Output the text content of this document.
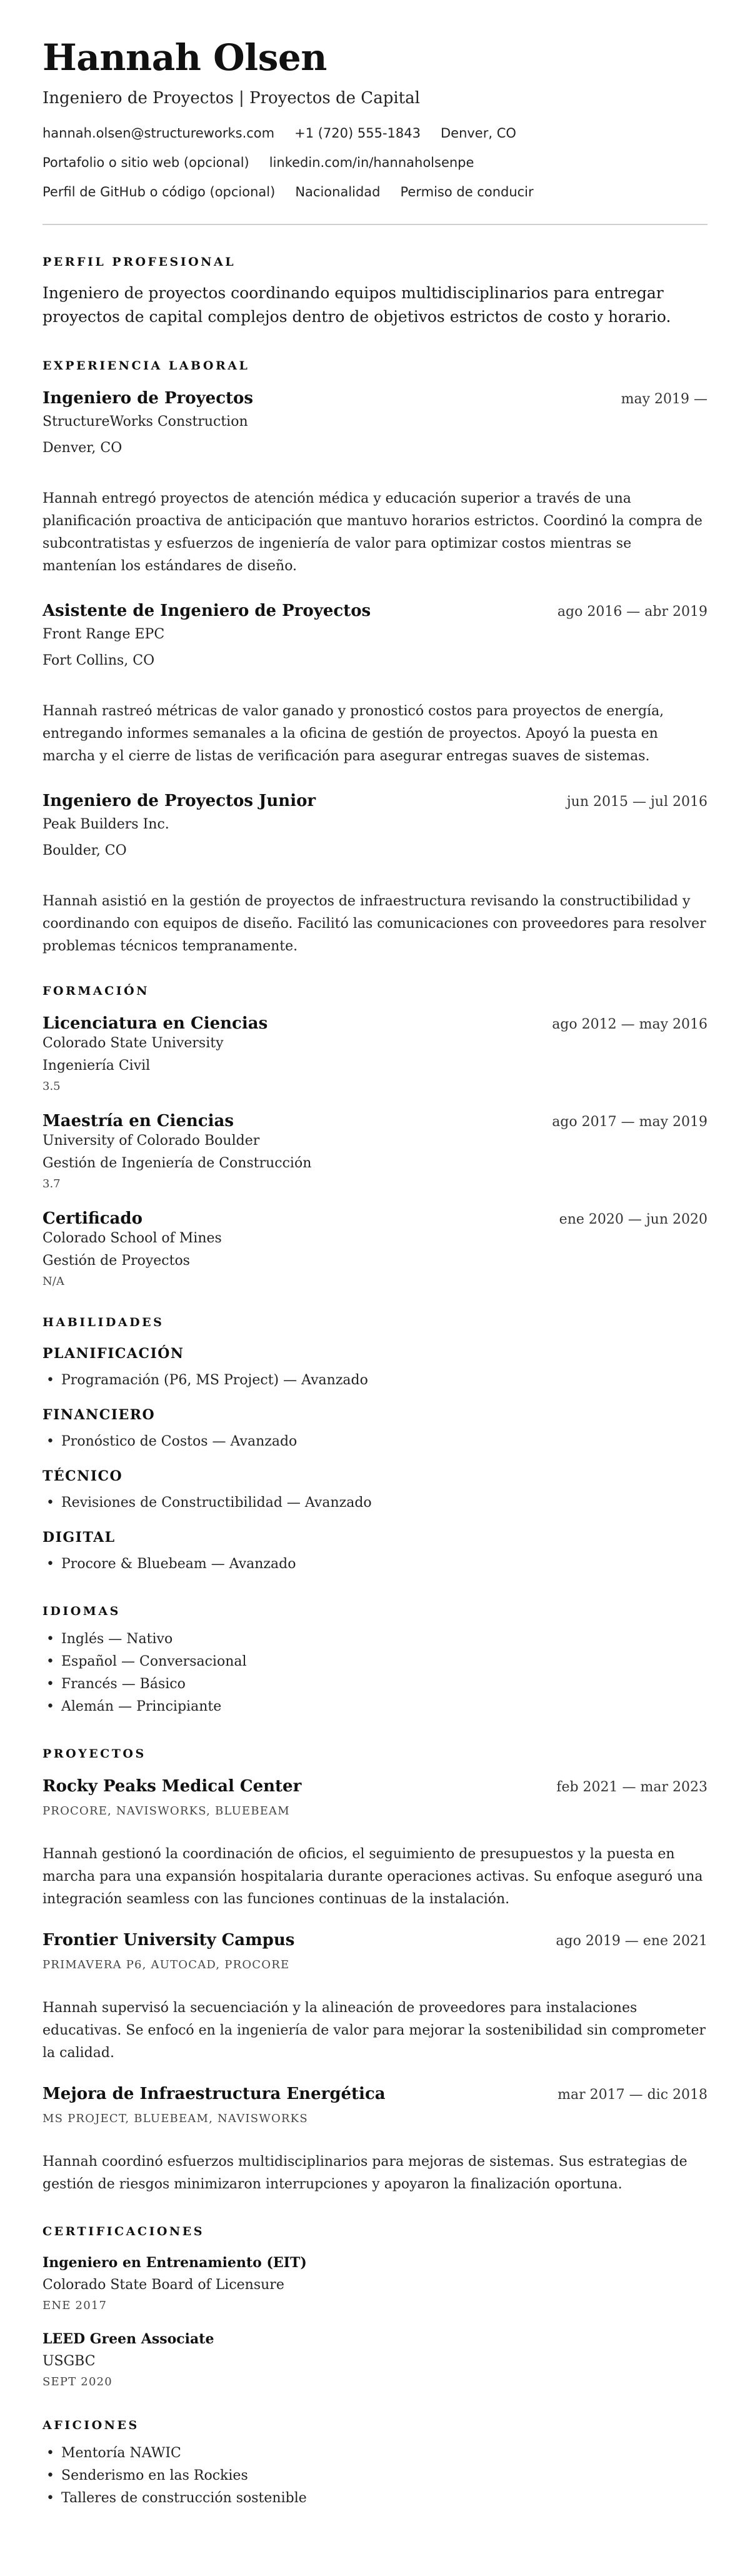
Hannah Olsen
Ingeniero de Proyectos | Proyectos de Capital
hannah.olsen@structureworks.com +1 (720) 555-1843 Denver, CO
Portafolio o sitio web (opcional) linkedin.com/in/hannaholsenpe
Perfil de GitHub o código (opcional) Nacionalidad Permiso de conducir
PERFIL PROFESIONAL

Ingeniero de proyectos coordinando equipos multidisciplinarios para entregar proyectos de capital complejos dentro de objetivos estrictos de costo y horario.

EXPERIENCIA LABORAL
Ingeniero de Proyectos	may 2019 —
StructureWorks Construction
Denver, CO

Hannah entregó proyectos de atención médica y educación superior a través de una planificación proactiva de anticipación que mantuvo horarios estrictos. Coordinó la compra de subcontratistas y esfuerzos de ingeniería de valor para optimizar costos mientras se mantenían los estándares de diseño.

Asistente de Ingeniero de Proyectos	ago 2016 — abr 2019
Front Range EPC
Fort Collins, CO

Hannah rastreó métricas de valor ganado y pronosticó costos para proyectos de energía, entregando informes semanales a la oficina de gestión de proyectos. Apoyó la puesta en marcha y el cierre de listas de verificación para asegurar entregas suaves de sistemas.

Ingeniero de Proyectos Junior	jun 2015 — jul 2016
Peak Builders Inc.
Boulder, CO

Hannah asistió en la gestión de proyectos de infraestructura revisando la constructibilidad y coordinando con equipos de diseño. Facilitó las comunicaciones con proveedores para resolver problemas técnicos tempranamente.

FORMACIÓN
Licenciatura en Ciencias	ago 2012 — may 2016
Colorado State University
Ingeniería Civil
3.5
Maestría en Ciencias	ago 2017 — may 2019
University of Colorado Boulder
Gestión de Ingeniería de Construcción
3.7
Certificado	ene 2020 — jun 2020
Colorado School of Mines
Gestión de Proyectos
N/A
HABILIDADES
PLANIFICACIÓN
• Programación (P6, MS Project) — Avanzado
FINANCIERO
• Pronóstico de Costos — Avanzado
TÉCNICO
• Revisiones de Constructibilidad — Avanzado
DIGITAL
• Procore & Bluebeam — Avanzado
IDIOMAS
• Inglés — Nativo
• Español — Conversacional
• Francés — Básico
• Alemán — Principiante
PROYECTOS
Rocky Peaks Medical Center	feb 2021 — mar 2023
PROCORE, NAVISWORKS, BLUEBEAM

Hannah gestionó la coordinación de oficios, el seguimiento de presupuestos y la puesta en marcha para una expansión hospitalaria durante operaciones activas. Su enfoque aseguró una integración seamless con las funciones continuas de la instalación.

Frontier University Campus	ago 2019 — ene 2021
PRIMAVERA P6, AUTOCAD, PROCORE

Hannah supervisó la secuenciación y la alineación de proveedores para instalaciones educativas. Se enfocó en la ingeniería de valor para mejorar la sostenibilidad sin comprometer la calidad.

Mejora de Infraestructura Energética	mar 2017 — dic 2018
MS PROJECT, BLUEBEAM, NAVISWORKS

Hannah coordinó esfuerzos multidisciplinarios para mejoras de sistemas. Sus estrategias de gestión de riesgos minimizaron interrupciones y apoyaron la finalización oportuna.

CERTIFICACIONES
Ingeniero en Entrenamiento (EIT)
Colorado State Board of Licensure
ENE 2017
LEED Green Associate
USGBC
SEPT 2020
AFICIONES
• Mentoría NAWIC
• Senderismo en las Rockies
• Talleres de construcción sostenible
